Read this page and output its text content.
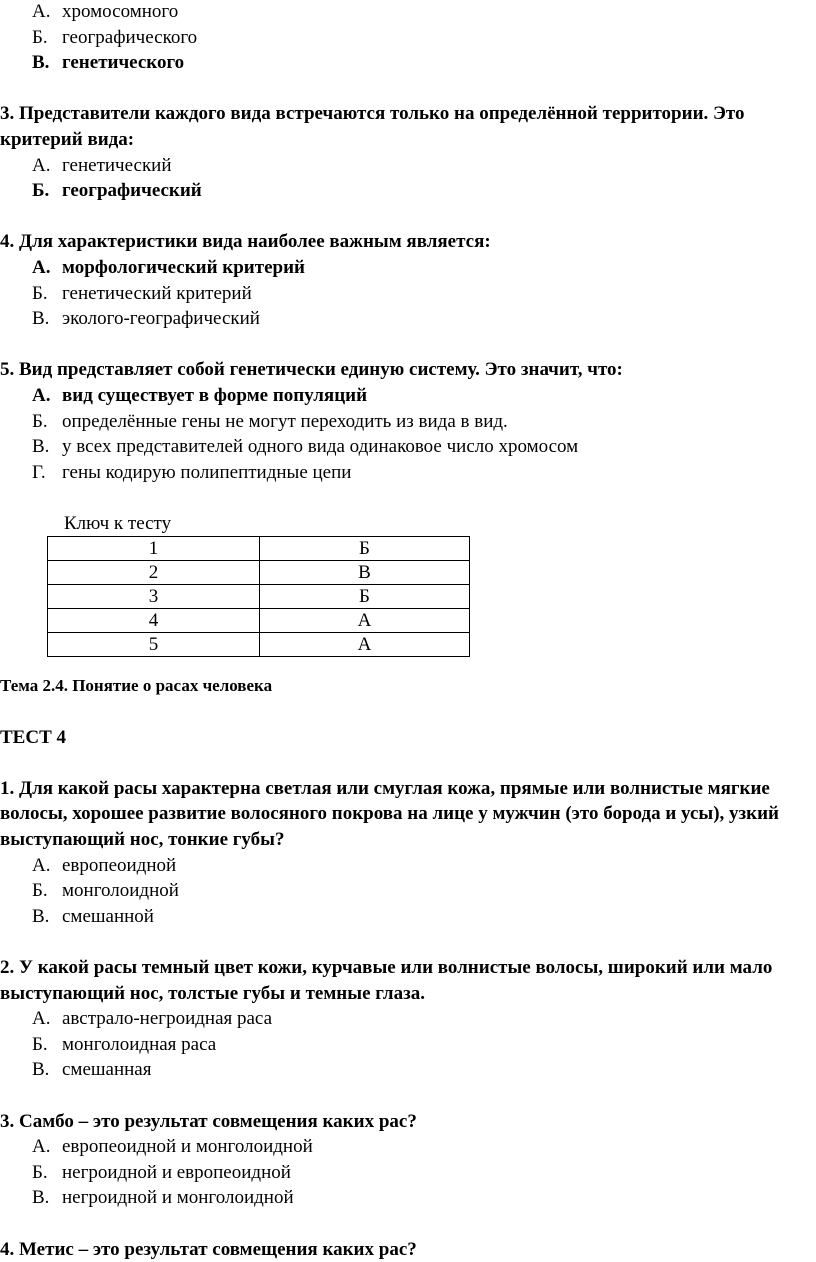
А. хромосомного
Б. географического
В. генетического
3. Представители каждого вида встречаются только на определённой территории. Это критерий вида:
А. генетический
Б. географический
4. Для характеристики вида наиболее важным является:
А. морфологический критерий
Б. генетический критерий
В. эколого-географический
5. Вид представляет собой генетически единую систему. Это значит, что:
А. вид существует в форме популяций
Б. определённые гены не могут переходить из вида в вид.
В. у всех представителей одного вида одинаковое число хромосом
Г. гены кодирую полипептидные цепи
Ключ к тесту
1	Б
2	В
3	Б
4	А
5	А
Тема 2.4. Понятие о расах человека
ТЕСТ 4
1. Для какой расы характерна светлая или смуглая кожа, прямые или волнистые мягкие волосы, хорошее развитие волосяного покрова на лице у мужчин (это борода и усы), узкий выступающий нос, тонкие губы?
А. европеоидной
Б. монголоидной
В. смешанной
2. У какой расы темный цвет кожи, курчавые или волнистые волосы, широкий или мало выступающий нос, толстые губы и темные глаза.
А. австрало-негроидная раса
Б. монголоидная раса
В. смешанная
3. Самбо – это результат совмещения каких рас?
А. европеоидной и монголоидной
Б. негроидной и европеоидной
В. негроидной и монголоидной
4. Метис – это результат совмещения каких рас?
